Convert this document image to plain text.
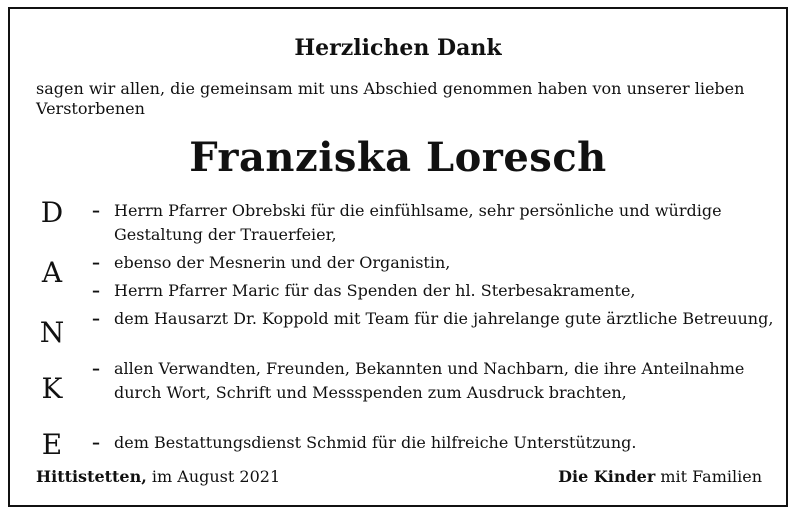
Herzlichen Dank
sagen wir allen, die gemeinsam mit uns Abschied genommen haben von unserer lieben Verstorbenen
Franziska Loresch
D
A
N
K
E
– Herrn Pfarrer Obrebski für die einfühlsame, sehr persönliche und würdige Gestaltung der Trauerfeier,
– ebenso der Mesnerin und der Organistin,
– Herrn Pfarrer Maric für das Spenden der hl. Sterbesakramente,
– dem Hausarzt Dr. Koppold mit Team für die jahrelange gute ärztliche Betreuung,
– allen Verwandten, Freunden, Bekannten und Nachbarn, die ihre Anteilnahme durch Wort, Schrift und Messspenden zum Ausdruck brachten,
– dem Bestattungsdienst Schmid für die hilfreiche Unterstützung.
Hittistetten, im August 2021	Die Kinder mit Familien
